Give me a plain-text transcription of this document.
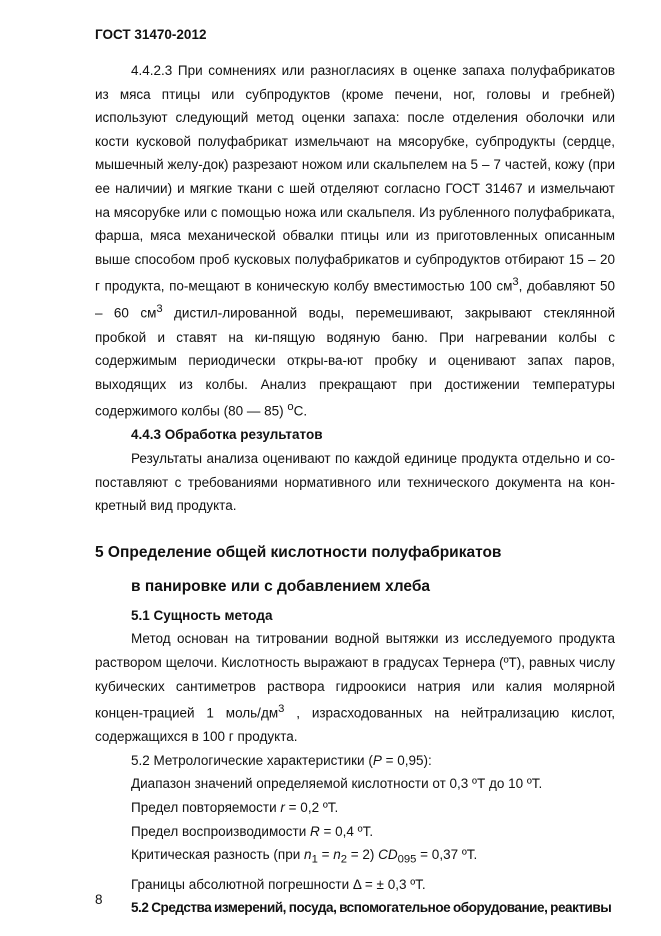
ГОСТ 31470-2012

4.4.2.3 При сомнениях или разногласиях в оценке запаха полуфабрикатов из мяса птицы или субпродуктов (кроме печени, ног, головы и гребней) используют следующий метод оценки запаха: после отделения оболочки или кости кусковой полуфабрикат измельчают на мясорубке, субпродукты (сердце, мышечный желу-док) разрезают ножом или скальпелем на 5 – 7 частей, кожу (при ее наличии) и мягкие ткани с шей отделяют согласно ГОСТ 31467 и измельчают на мясорубке или с помощью ножа или скальпеля. Из рубленного полуфабриката, фарша, мяса механической обвалки птицы или из приготовленных описанным выше способом проб кусковых полуфабрикатов и субпродуктов отбирают 15 – 20 г продукта, по-мещают в коническую колбу вместимостью 100 $см^3$, добавляют 50 – 60 $см^3$ дистил-лированной воды, перемешивают, закрывают стеклянной пробкой и ставят на ки-пящую водяную баню. При нагревании колбы с содержимым периодически откры-ва-ют пробку и оценивают запах паров, выходящих из колбы. Анализ прекращают при достижении температуры содержимого колбы (80 — 85) $^о$С.

4.4.3 Обработка результатов

Результаты анализа оценивают по каждой единице продукта отдельно и со-поставляют с требованиями нормативного или технического документа на кон-кретный вид продукта.

5 Определение общей кислотности полуфабрикатов
в панировке или с добавлением хлеба

5.1 Сущность метода

Метод основан на титровании водной вытяжки из исследуемого продукта раствором щелочи. Кислотность выражают в градусах Тернера (ºТ), равных числу кубических сантиметров раствора гидроокиси натрия или калия молярной концен-трацией 1 моль/$дм^3$ , израсходованных на нейтрализацию кислот, содержащихся в 100 г продукта.

5.2 Метрологические характеристики (P = 0,95):

Диапазон значений определяемой кислотности от 0,3 ºТ до 10 ºТ.

Предел повторяемости r = 0,2 ºТ.

Предел воспроизводимости R = 0,4 ºТ.

Критическая разность (при $n_1 = n_2 = 2$) $CD_{095} = 0,37$ ºТ.

Границы абсолютной погрешности Δ = ± 0,3 ºТ.

5.2 Средства измерений, посуда, вспомогательное оборудование, реактивы

8
